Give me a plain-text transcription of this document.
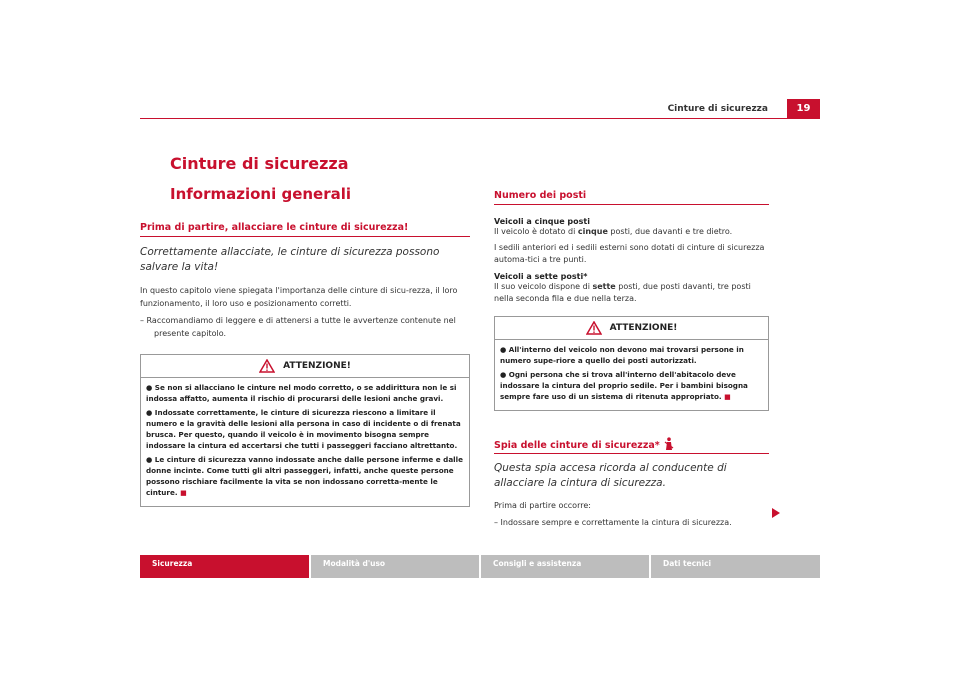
Cinture di sicurezza	19
Cinture di sicurezza
Informazioni generali
Prima di partire, allacciare le cinture di sicurezza!
Correttamente allacciate, le cinture di sicurezza possono salvare la vita!
In questo capitolo viene spiegata l'importanza delle cinture di sicu-rezza, il loro funzionamento, il loro uso e posizionamento corretti.
– Raccomandiamo di leggere e di attenersi a tutte le avvertenze contenute nel presente capitolo.
ATTENZIONE!

● Se non si allacciano le cinture nel modo corretto, o se addirittura non le si indossa affatto, aumenta il rischio di procurarsi delle lesioni anche gravi.

● Indossate correttamente, le cinture di sicurezza riescono a limitare il numero e la gravità delle lesioni alla persona in caso di incidente o di frenata brusca. Per questo, quando il veicolo è in movimento bisogna sempre indossare la cintura ed accertarsi che tutti i passeggeri facciano altrettanto.

● Le cinture di sicurezza vanno indossate anche dalle persone inferme e dalle donne incinte. Come tutti gli altri passeggeri, infatti, anche queste persone possono rischiare facilmente la vita se non indossano corretta-mente le cinture. ■

Numero dei posti
Veicoli a cinque posti
Il veicolo è dotato di cinque posti, due davanti e tre dietro.
I sedili anteriori ed i sedili esterni sono dotati di cinture di sicurezza automa-tici a tre punti.
Veicoli a sette posti*
Il suo veicolo dispone di sette posti, due posti davanti, tre posti nella seconda fila e due nella terza.
ATTENZIONE!

● All'interno del veicolo non devono mai trovarsi persone in numero supe-riore a quello dei posti autorizzati.

● Ogni persona che si trova all'interno dell'abitacolo deve indossare la cintura del proprio sedile. Per i bambini bisogna sempre fare uso di un sistema di ritenuta appropriato. ■

Spia delle cinture di sicurezza*
Questa spia accesa ricorda al conducente di allacciare la cintura di sicurezza.
Prima di partire occorre:
– Indossare sempre e correttamente la cintura di sicurezza.
Sicurezza	Modalità d'uso	Consigli e assistenza	Dati tecnici
